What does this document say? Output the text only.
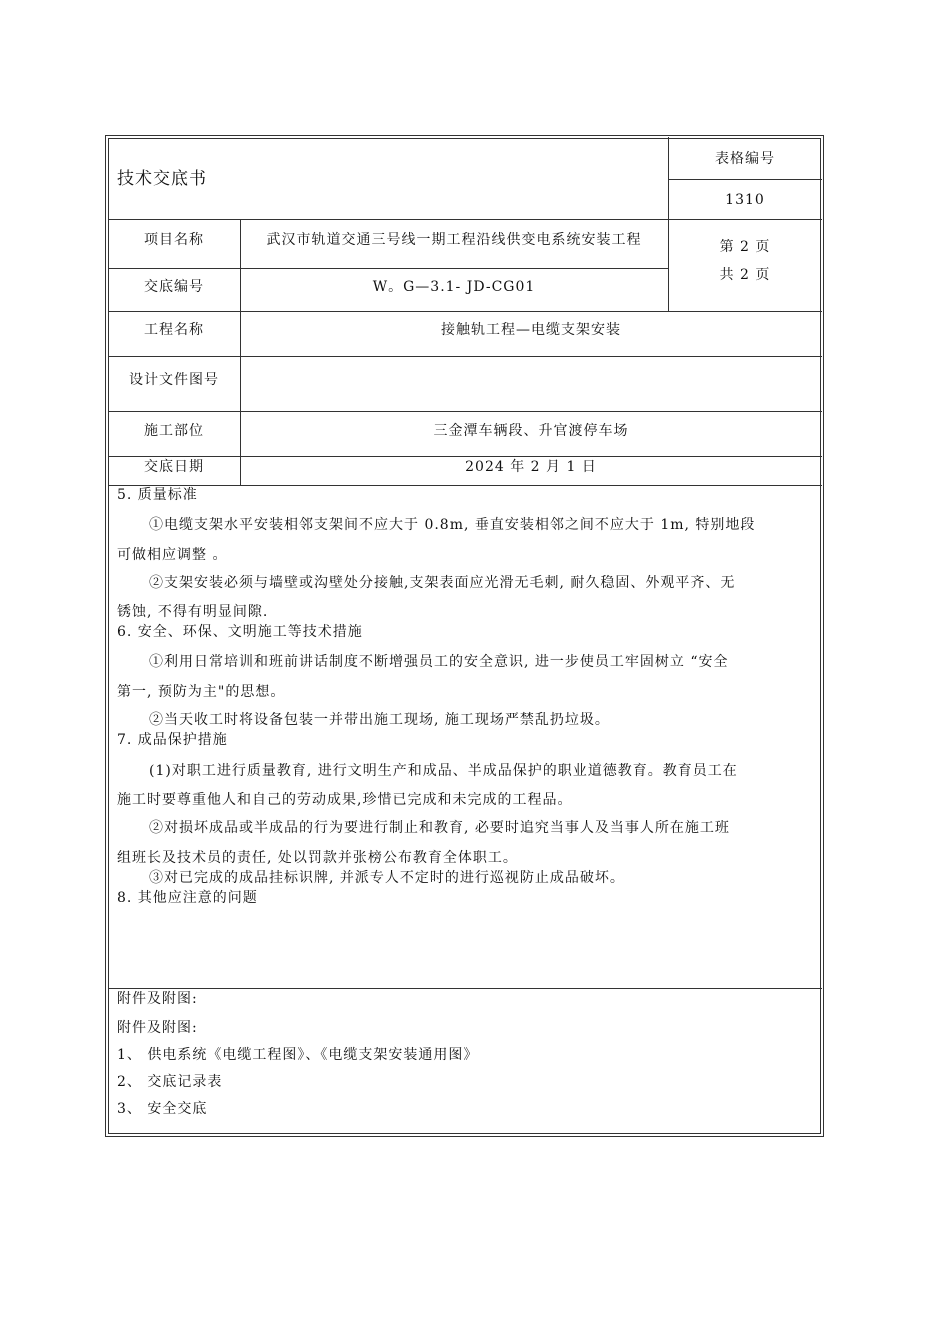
技术交底书
表格编号
1310
第 2 页
共 2 页
项目名称	武汉市轨道交通三号线一期工程沿线供变电系统安装工程
交底编号	W。G—3.1- JD-CG01
工程名称	接触轨工程—电缆支架安装
设计文件图号
施工部位	三金潭车辆段、升官渡停车场
交底日期	2024 年 2 月 1 日
5. 质量标准
①电缆支架水平安装相邻支架间不应大于 0.8m, 垂直安装相邻之间不应大于 1m, 特别地段
可做相应调整 。
②支架安装必须与墙壁或沟壁处分接触,支架表面应光滑无毛刺, 耐久稳固、外观平齐、无
锈蚀, 不得有明显间隙.
6. 安全、环保、文明施工等技术措施
①利用日常培训和班前讲话制度不断增强员工的安全意识, 进一步使员工牢固树立 “安全
第一, 预防为主"的思想。
②当天收工时将设备包装一并带出施工现场, 施工现场严禁乱扔垃圾。
7. 成品保护措施
(1)对职工进行质量教育, 进行文明生产和成品、半成品保护的职业道德教育。教育员工在
施工时要尊重他人和自己的劳动成果,珍惜已完成和未完成的工程品。
②对损坏成品或半成品的行为要进行制止和教育, 必要时追究当事人及当事人所在施工班
组班长及技术员的责任, 处以罚款并张榜公布教育全体职工。
③对已完成的成品挂标识牌, 并派专人不定时的进行巡视防止成品破坏。
8. 其他应注意的问题
附件及附图:
附件及附图:
1、 供电系统《电缆工程图》、《电缆支架安装通用图》
2、 交底记录表
3、 安全交底
